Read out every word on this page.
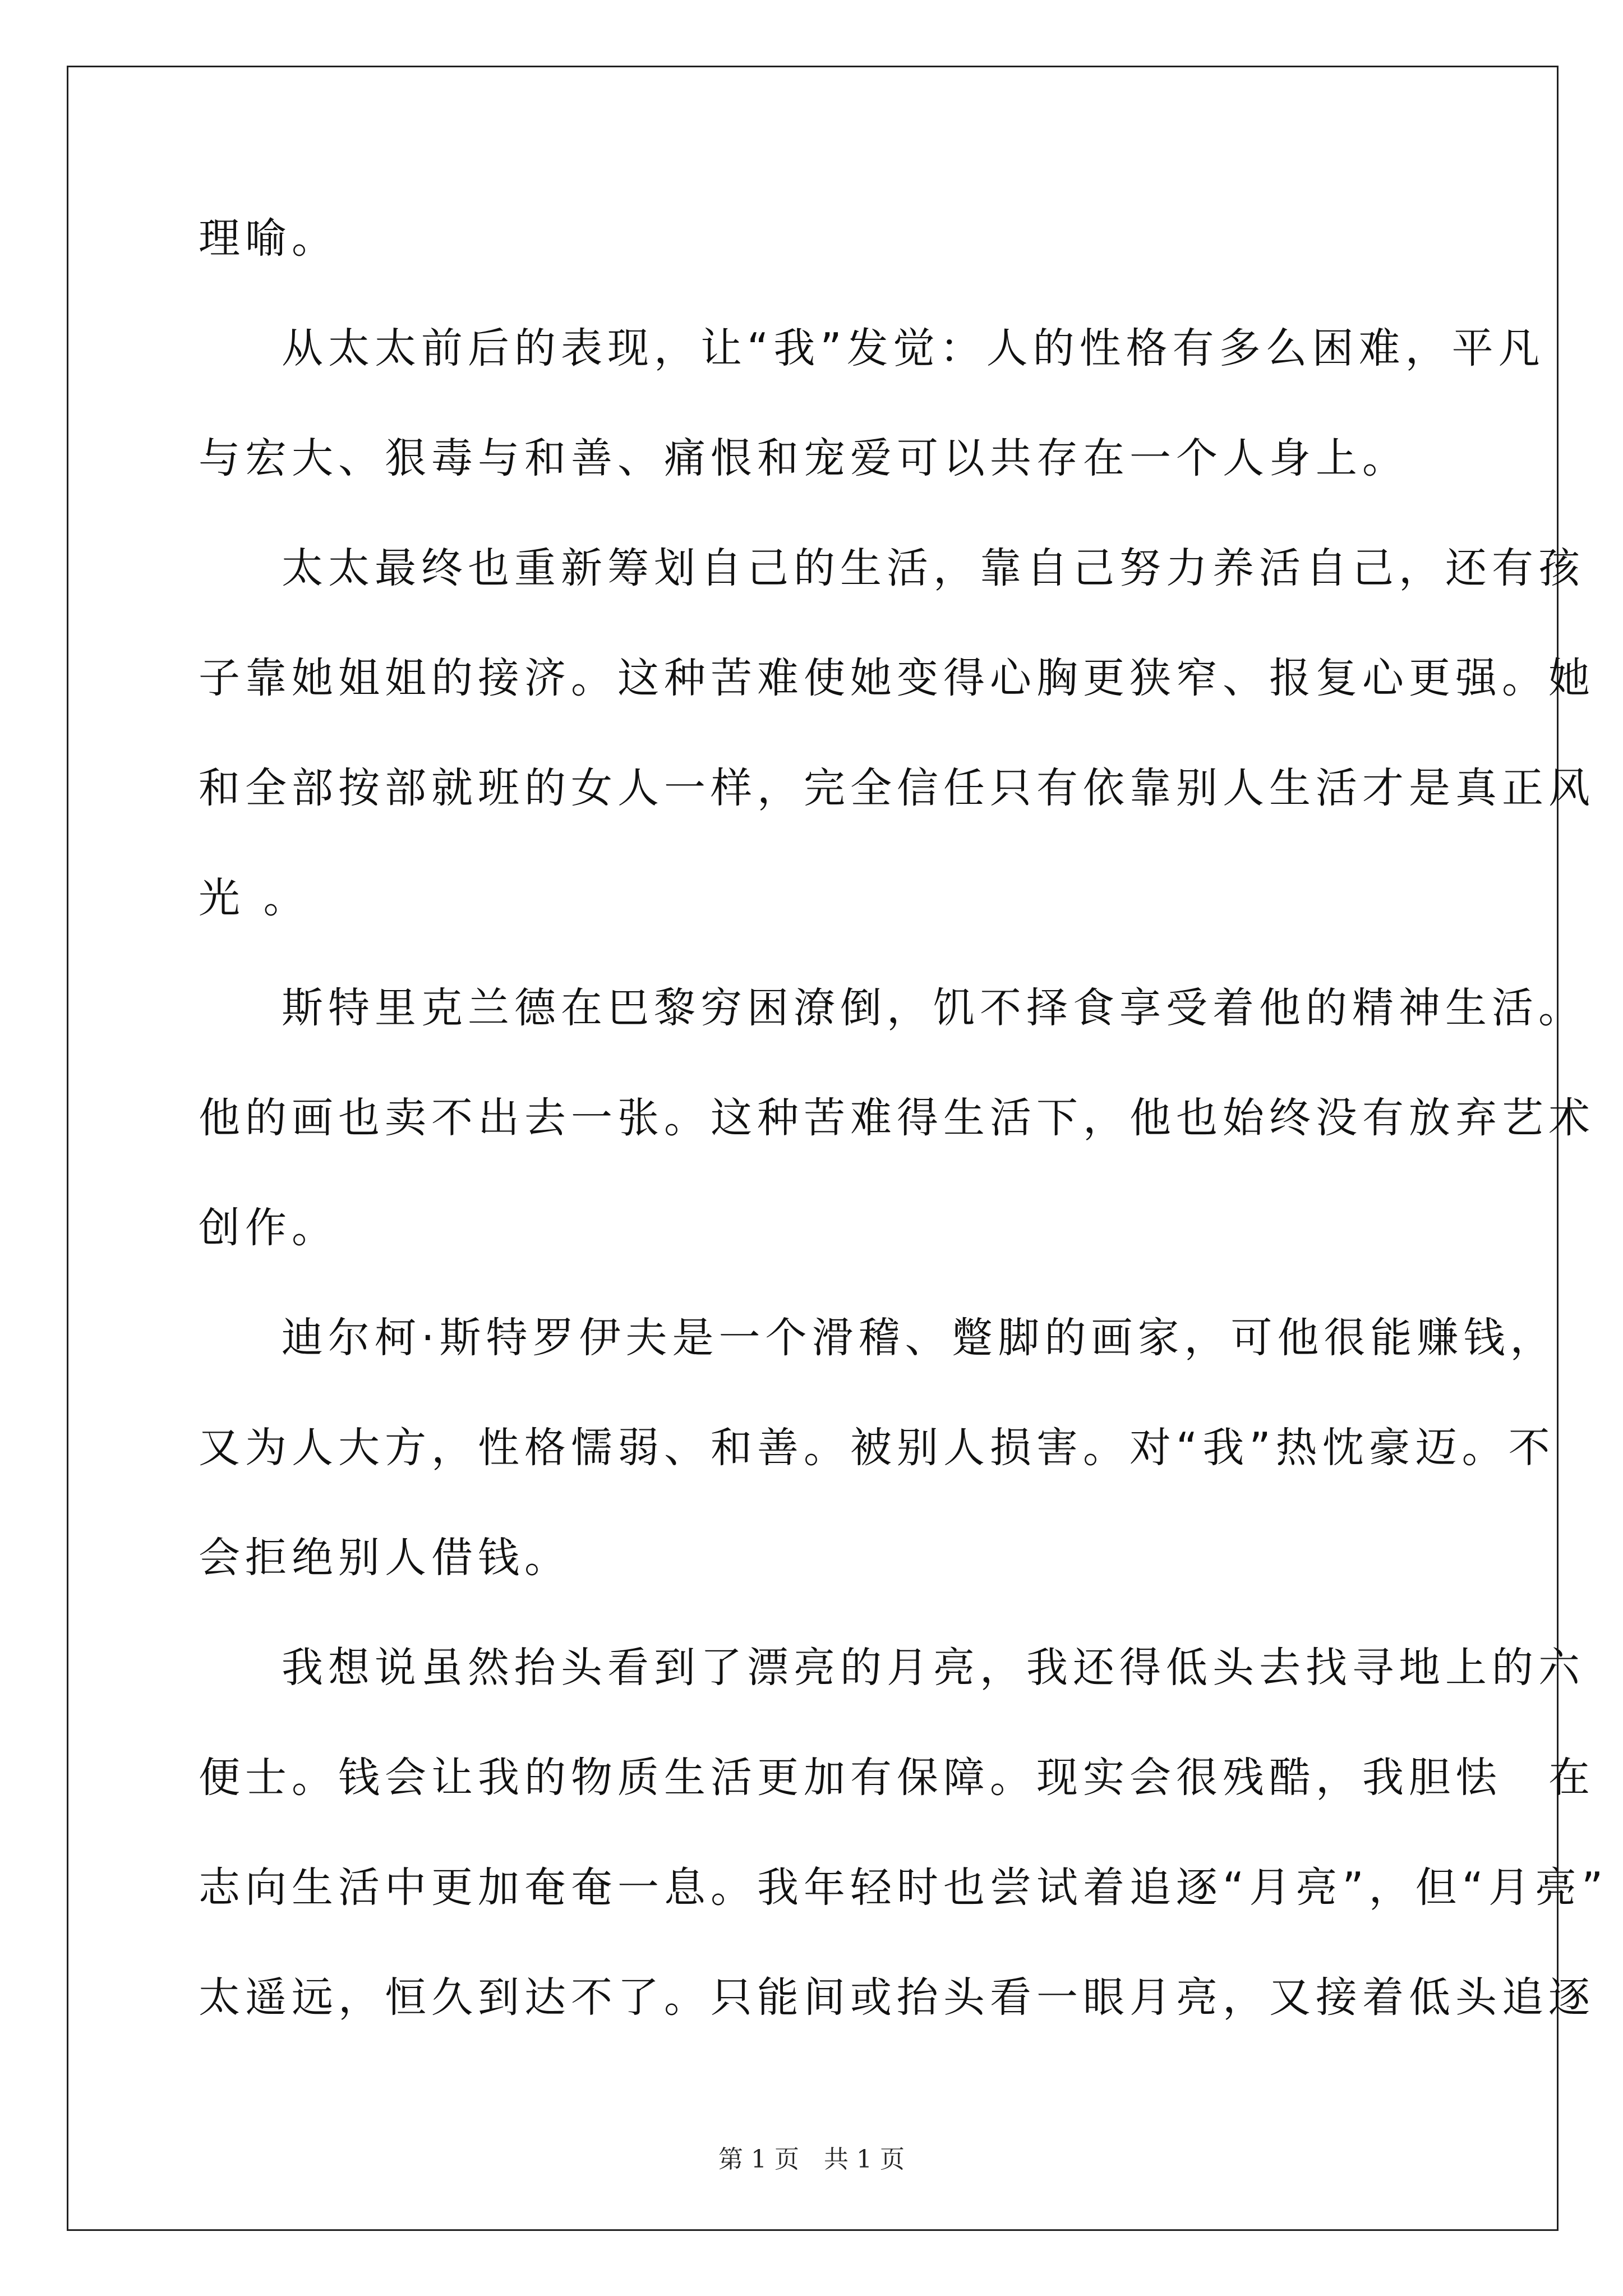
理喻。
从太太前后的表现，让“我”发觉：人的性格有多么困难，平凡
与宏大、狠毒与和善、痛恨和宠爱可以共存在一个人身上。
太太最终也重新筹划自己的生活，靠自己努力养活自己，还有孩
子靠她姐姐的接济。这种苦难使她变得心胸更狭窄、报复心更强。她
和全部按部就班的女人一样，完全信任只有依靠别人生活才是真正风
光 。
斯特里克兰德在巴黎穷困潦倒，饥不择食享受着他的精神生活。
他的画也卖不出去一张。这种苦难得生活下，他也始终没有放弃艺术
创作。
迪尔柯·斯特罗伊夫是一个滑稽、蹩脚的画家，可他很能赚钱，
又为人大方，性格懦弱、和善。被别人损害。对“我”热忱豪迈。不
会拒绝别人借钱。
我想说虽然抬头看到了漂亮的月亮，我还得低头去找寻地上的六
便士。钱会让我的物质生活更加有保障。现实会很残酷，我胆怯　在
志向生活中更加奄奄一息。我年轻时也尝试着追逐“月亮”，但“月亮”
太遥远，恒久到达不了。只能间或抬头看一眼月亮，又接着低头追逐
第 1 页　共 1 页
